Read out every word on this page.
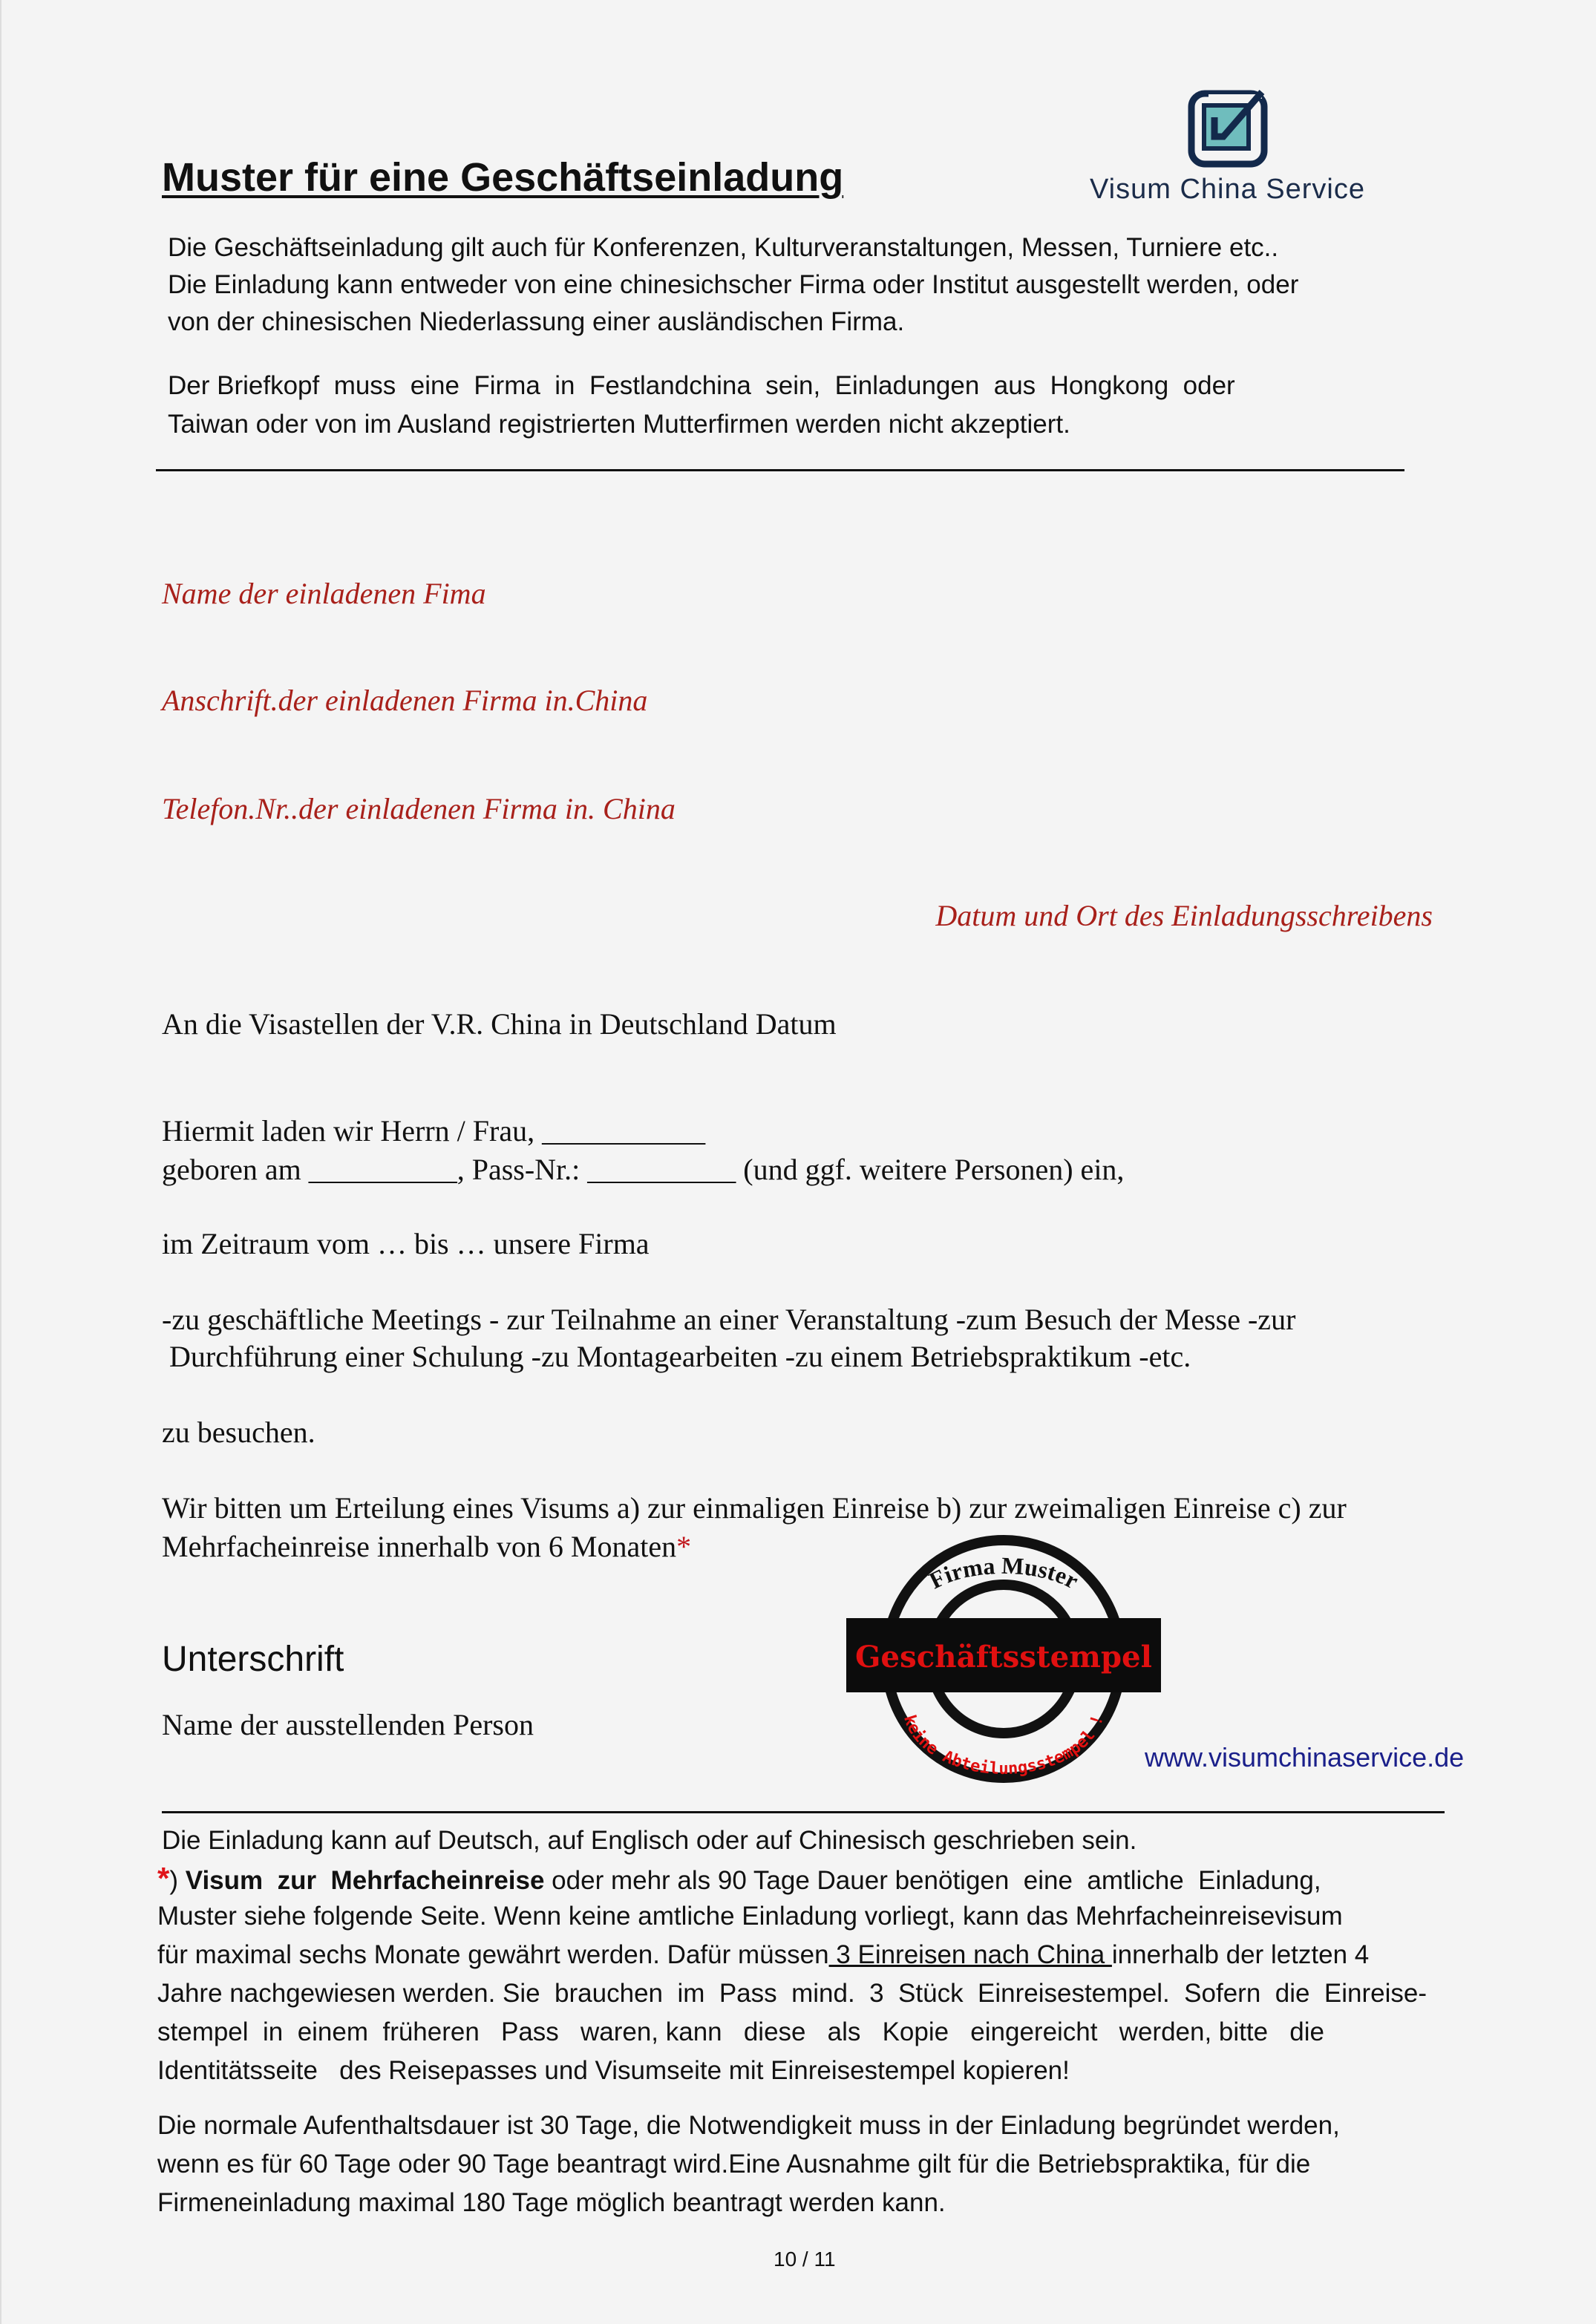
Muster für eine Geschäftseinladung	Visum China Service
Die Geschäftseinladung gilt auch für Konferenzen, Kulturveranstaltungen, Messen, Turniere etc..
Die Einladung kann entweder von eine chinesichscher Firma oder Institut ausgestellt werden, oder
von der chinesischen Niederlassung einer ausländischen Firma.
Der Briefkopf  muss  eine  Firma  in  Festlandchina  sein,  Einladungen  aus  Hongkong  oder
Taiwan oder von im Ausland registrierten Mutterfirmen werden nicht akzeptiert.
Name der einladenen Fima
Anschrift.der einladenen Firma in.China
Telefon.Nr..der einladenen Firma in. China
Datum und Ort des Einladungsschreibens
An die Visastellen der V.R. China in Deutschland Datum
Hiermit laden wir Herrn / Frau, ___________
geboren am __________, Pass-Nr.: __________ (und ggf. weitere Personen) ein,
im Zeitraum vom … bis … unsere Firma
-zu geschäftliche Meetings - zur Teilnahme an einer Veranstaltung -zum Besuch der Messe -zur
Durchführung einer Schulung -zu Montagearbeiten -zu einem Betriebspraktikum -etc.
zu besuchen.
Wir bitten um Erteilung eines Visums a) zur einmaligen Einreise b) zur zweimaligen Einreise c) zur
Mehrfacheinreise innerhalb von 6 Monaten*
Unterschrift
Name der ausstellenden Person
Firma Muster
Geschäftsstempel
keine Abteilungsstempel !
www.visumchinaservice.de
Die Einladung kann auf Deutsch, auf Englisch oder auf Chinesisch geschrieben sein.
*) Visum  zur  Mehrfacheinreise oder mehr als 90 Tage Dauer benötigen  eine  amtliche  Einladung,
Muster siehe folgende Seite. Wenn keine amtliche Einladung vorliegt, kann das Mehrfacheinreisevisum
für maximal sechs Monate gewährt werden. Dafür müssen 3 Einreisen nach China innerhalb der letzten 4
Jahre nachgewiesen werden. Sie  brauchen  im  Pass  mind.  3  Stück  Einreisestempel.  Sofern  die  Einreise-
stempel  in  einem  früheren   Pass   waren, kann   diese   als   Kopie   eingereicht   werden, bitte   die
Identitätsseite   des Reisepasses und Visumseite mit Einreisestempel kopieren!
Die normale Aufenthaltsdauer ist 30 Tage, die Notwendigkeit muss in der Einladung begründet werden,
wenn es für 60 Tage oder 90 Tage beantragt wird.Eine Ausnahme gilt für die Betriebspraktika, für die
Firmeneinladung maximal 180 Tage möglich beantragt werden kann.
10 / 11
